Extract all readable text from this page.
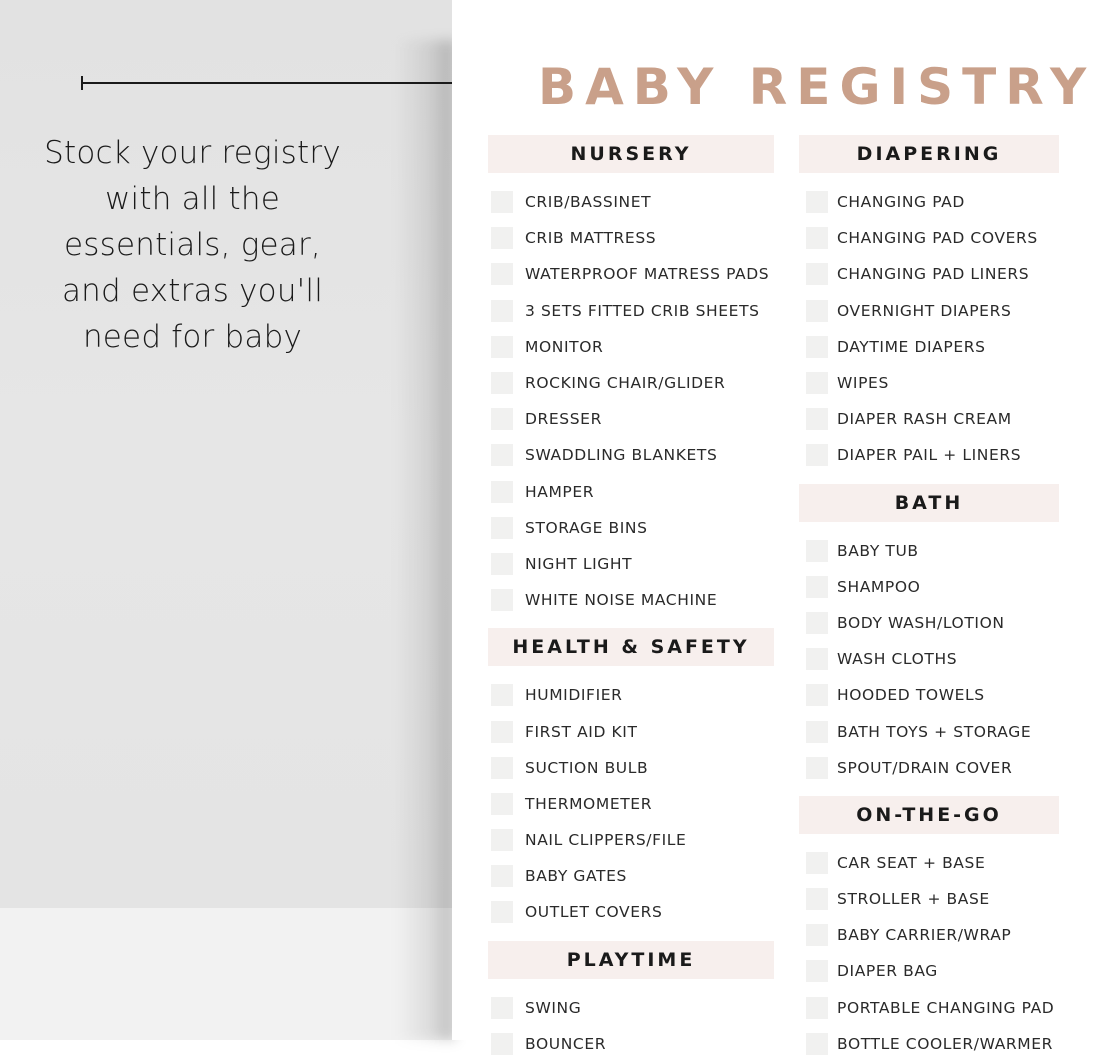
Stock your registry with all the essentials, gear, and extras you'll need for baby
BABY REGISTRY
NURSERY
CRIB/BASSINET
CRIB MATTRESS
WATERPROOF MATRESS PADS
3 SETS FITTED CRIB SHEETS
MONITOR
ROCKING CHAIR/GLIDER
DRESSER
SWADDLING BLANKETS
HAMPER
STORAGE BINS
NIGHT LIGHT
WHITE NOISE MACHINE
HEALTH & SAFETY
HUMIDIFIER
FIRST AID KIT
SUCTION BULB
THERMOMETER
NAIL CLIPPERS/FILE
BABY GATES
OUTLET COVERS
PLAYTIME
SWING
BOUNCER
DIAPERING
CHANGING PAD
CHANGING PAD COVERS
CHANGING PAD LINERS
OVERNIGHT DIAPERS
DAYTIME DIAPERS
WIPES
DIAPER RASH CREAM
DIAPER PAIL + LINERS
BATH
BABY TUB
SHAMPOO
BODY WASH/LOTION
WASH CLOTHS
HOODED TOWELS
BATH TOYS + STORAGE
SPOUT/DRAIN COVER
ON-THE-GO
CAR SEAT + BASE
STROLLER + BASE
BABY CARRIER/WRAP
DIAPER BAG
PORTABLE CHANGING PAD
BOTTLE COOLER/WARMER
